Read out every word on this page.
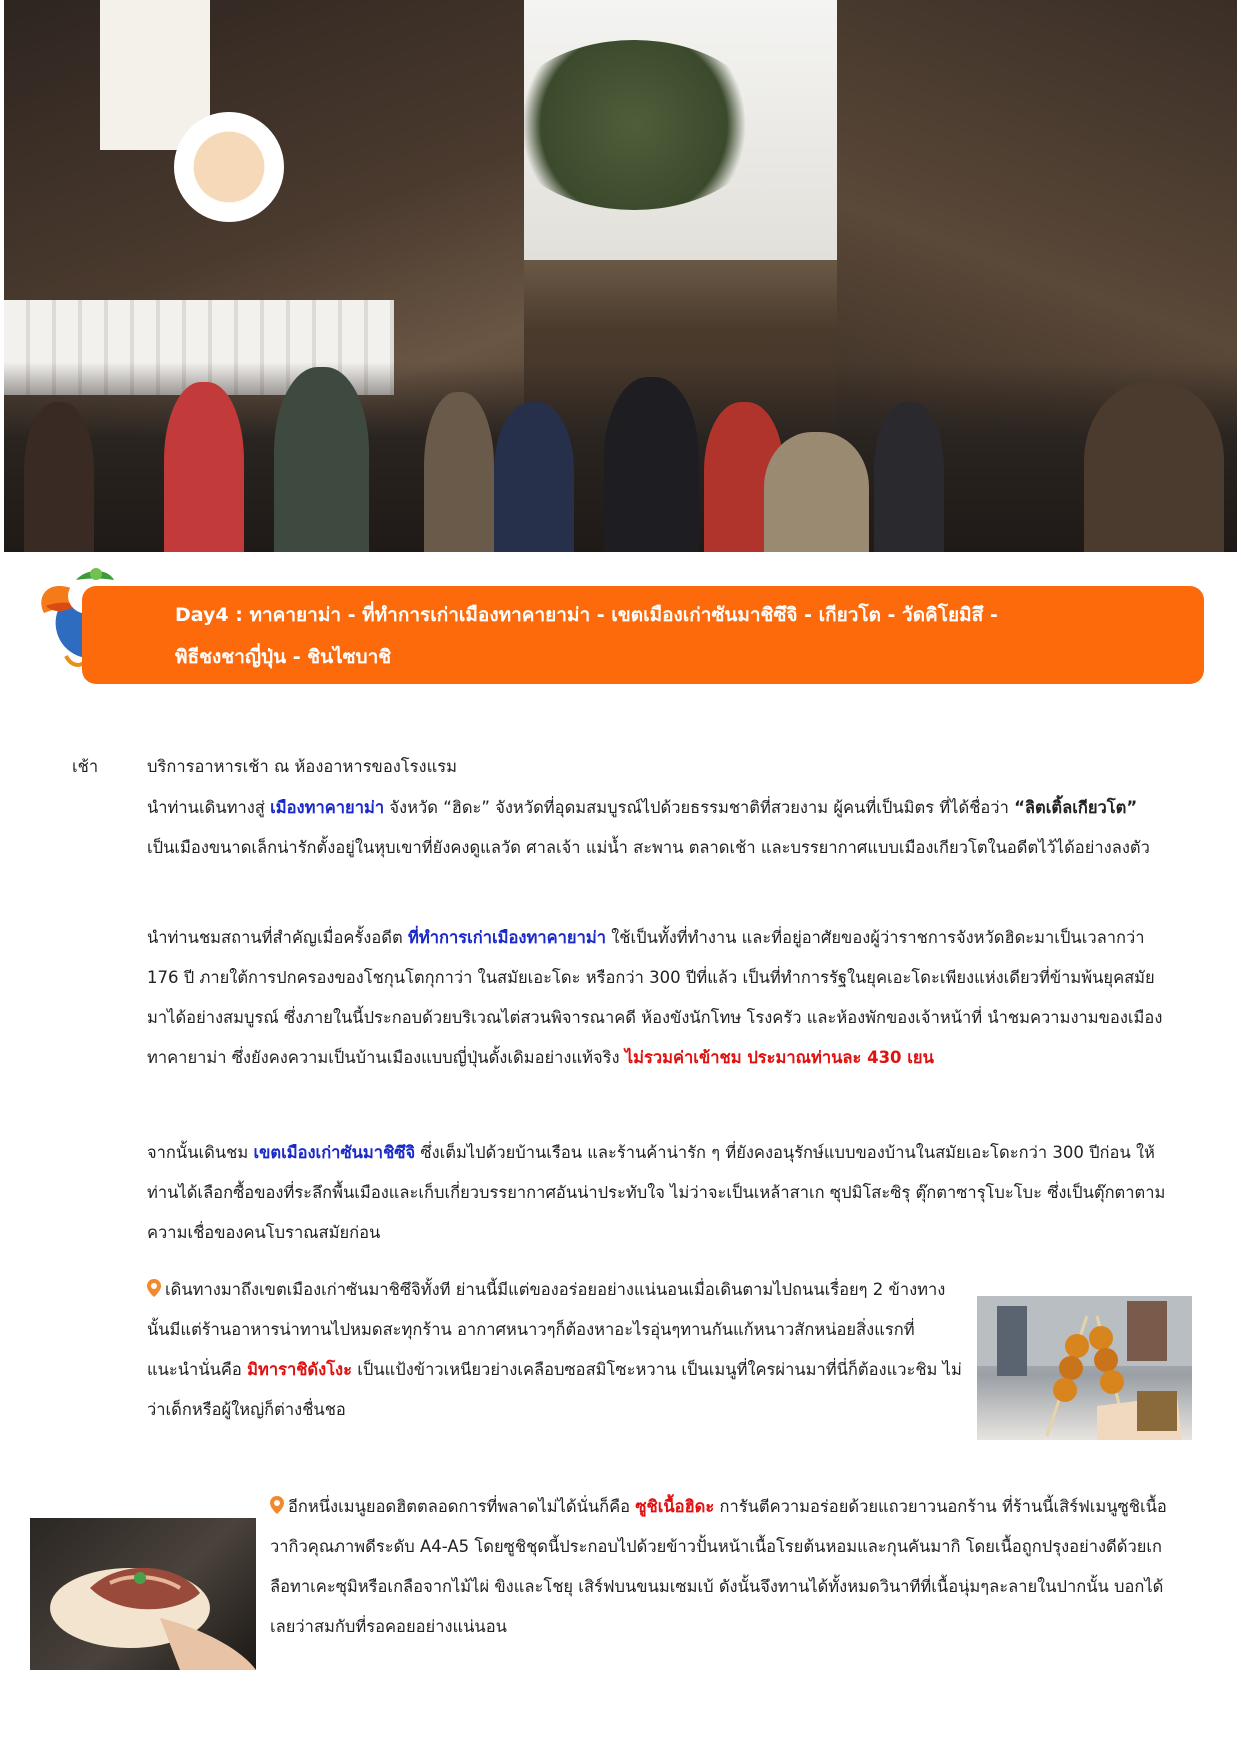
Day4 : ทาคายาม่า - ที่ทำการเก่าเมืองทาคายาม่า - เขตเมืองเก่าซันมาชิซึจิ - เกียวโต - วัดคิโยมิสึ -
พิธีชงชาญี่ปุ่น - ชินไซบาชิ
เช้า	บริการอาหารเช้า ณ ห้องอาหารของโรงแรม
นำท่านเดินทางสู่ เมืองทาคายาม่า จังหวัด “ฮิดะ” จังหวัดที่อุดมสมบูรณ์ไปด้วยธรรมชาติที่สวยงาม ผู้คนที่เป็นมิตร ที่ได้ชื่อว่า “ลิตเติ้ลเกียวโต” เป็นเมืองขนาดเล็กน่ารักตั้งอยู่ในหุบเขาที่ยังคงดูแลวัด ศาลเจ้า แม่น้ำ สะพาน ตลาดเช้า และบรรยากาศแบบเมืองเกียวโตในอดีตไว้ได้อย่างลงตัว
นำท่านชมสถานที่สำคัญเมื่อครั้งอดีต ที่ทำการเก่าเมืองทาคายาม่า ใช้เป็นทั้งที่ทำงาน และที่อยู่อาศัยของผู้ว่าราชการจังหวัดฮิดะมาเป็นเวลากว่า 176 ปี ภายใต้การปกครองของโชกุนโตกุกาว่า ในสมัยเอะโดะ หรือกว่า 300 ปีที่แล้ว เป็นที่ทำการรัฐในยุคเอะโดะเพียงแห่งเดียวที่ข้ามพ้นยุคสมัยมาได้อย่างสมบูรณ์ ซึ่งภายในนี้ประกอบด้วยบริเวณไต่สวนพิจารณาคดี ห้องขังนักโทษ โรงครัว และห้องพักของเจ้าหน้าที่ นำชมความงามของเมืองทาคายาม่า ซึ่งยังคงความเป็นบ้านเมืองแบบญี่ปุ่นดั้งเดิมอย่างแท้จริง ไม่รวมค่าเข้าชม ประมาณท่านละ 430 เยน
จากนั้นเดินชม เขตเมืองเก่าซันมาชิซึจิ ซึ่งเต็มไปด้วยบ้านเรือน และร้านค้าน่ารัก ๆ ที่ยังคงอนุรักษ์แบบของบ้านในสมัยเอะโดะกว่า 300 ปีก่อน ให้ท่านได้เลือกซื้อของที่ระลึกพื้นเมืองและเก็บเกี่ยวบรรยากาศอันน่าประทับใจ ไม่ว่าจะเป็นเหล้าสาเก ซุปมิโสะซิรุ ตุ๊กตาซารุโบะโบะ ซึ่งเป็นตุ๊กตาตามความเชื่อของคนโบราณสมัยก่อน
เดินทางมาถึงเขตเมืองเก่าซันมาชิซึจิทั้งที ย่านนี้มีแต่ของอร่อยอย่างแน่นอนเมื่อเดินตามไปถนนเรื่อยๆ 2 ข้างทางนั้นมีแต่ร้านอาหารน่าทานไปหมดสะทุกร้าน อากาศหนาวๆก็ต้องหาอะไรอุ่นๆทานกันแก้หนาวสักหน่อยสิ่งแรกที่แนะนำนั่นคือ มิทาราชิดังโงะ เป็นแป้งข้าวเหนียวย่างเคลือบซอสมิโซะหวาน เป็นเมนูที่ใครผ่านมาที่นี่ก็ต้องแวะชิม ไม่ว่าเด็กหรือผู้ใหญ่ก็ต่างชื่นชอ
อีกหนึ่งเมนูยอดฮิตตลอดการที่พลาดไม่ได้นั่นก็คือ ซูชิเนื้อฮิดะ การันตีความอร่อยด้วยแถวยาวนอกร้าน ที่ร้านนี้เสิร์ฟเมนูซูชิเนื้อวากิวคุณภาพดีระดับ A4-A5 โดยซูชิชุดนี้ประกอบไปด้วยข้าวปั้นหน้าเนื้อโรยต้นหอมและกุนคันมากิ โดยเนื้อถูกปรุงอย่างดีด้วยเกลือทาเคะซุมิหรือเกลือจากไม้ไผ่ ขิงและโชยุ เสิร์ฟบนขนมเซมเบ้ ดังนั้นจึงทานได้ทั้งหมดวินาทีที่เนื้อนุ่มๆละลายในปากนั้น บอกได้เลยว่าสมกับที่รอคอยอย่างแน่นอน
